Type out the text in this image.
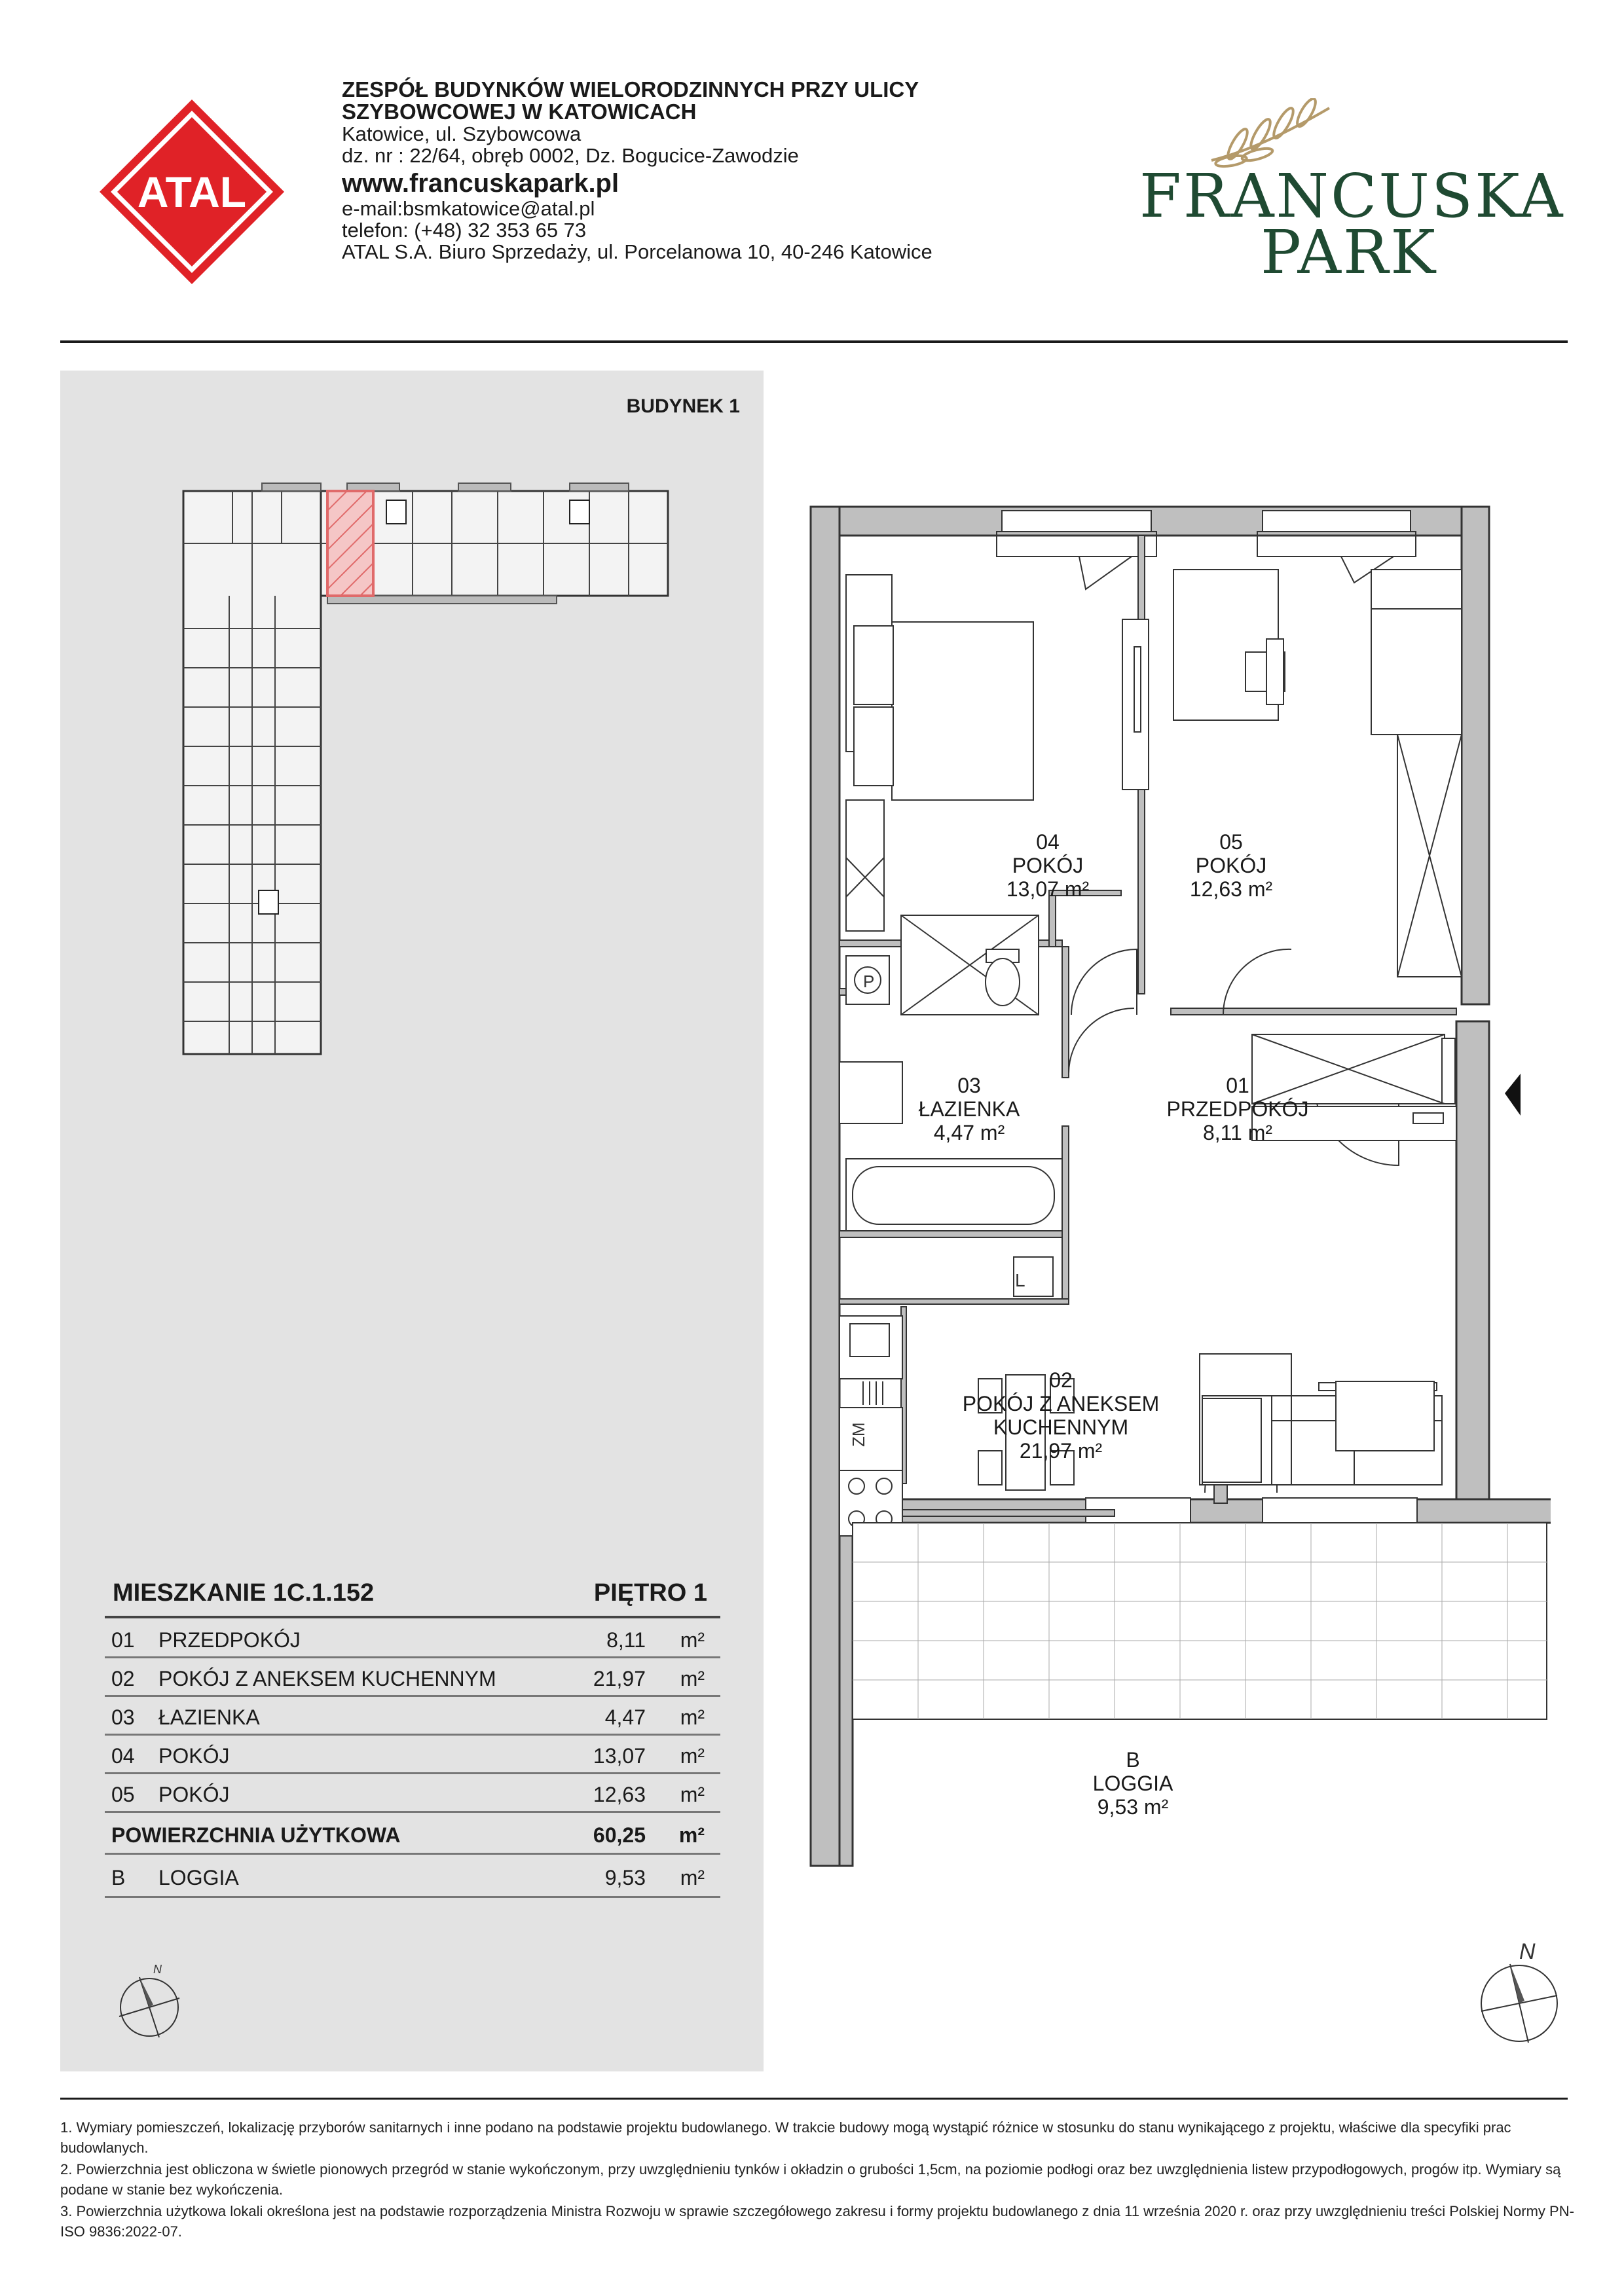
ATAL
ZESPÓŁ BUDYNKÓW WIELORODZINNYCH PRZY ULICY
SZYBOWCOWEJ W KATOWICACH
Katowice, ul. Szybowcowa
dz. nr : 22/64, obręb 0002, Dz. Bogucice-Zawodzie
www.francuskapark.pl
e-mail:bsmkatowice@atal.pl
telefon: (+48) 32 353 65 73
ATAL S.A. Biuro Sprzedaży, ul. Porcelanowa 10, 40-246 Katowice
FRANCUSKA
PARK
BUDYNEK 1
MIESZKANIE 1C.1.152	PIĘTRO 1
01 PRZEDPOKÓJ	8,11 m²
02 POKÓJ Z ANEKSEM KUCHENNYM	21,97 m²
03 ŁAZIENKA	4,47 m²
04 POKÓJ	13,07 m²
05 POKÓJ	12,63 m²
POWIERZCHNIA UŻYTKOWA	60,25 m²
B LOGGIA	9,53 m²
N
P
ZM
L
04
POKÓJ
13,07 m²
05
POKÓJ
12,63 m²
03
ŁAZIENKA
4,47 m²
01
PRZEDPOKÓJ
8,11 m²
02
POKÓJ Z ANEKSEM
KUCHENNYM
21,97 m²
B
LOGGIA
9,53 m²
N
1. Wymiary pomieszczeń, lokalizację przyborów sanitarnych i inne podano na podstawie projektu budowlanego. W trakcie budowy mogą wystąpić różnice w stosunku do stanu wynikającego z projektu, właściwe dla specyfiki prac budowlanych.
2. Powierzchnia jest obliczona w świetle pionowych przegród w stanie wykończonym, przy uwzględnieniu tynków i okładzin o grubości 1,5cm, na poziomie podłogi oraz bez uwzględnienia listew przypodłogowych, progów itp. Wymiary są podane w stanie bez wykończenia.
3. Powierzchnia użytkowa lokali określona jest na podstawie rozporządzenia Ministra Rozwoju w sprawie szczegółowego zakresu i formy projektu budowlanego z dnia 11 września 2020 r. oraz przy uwzględnieniu treści Polskiej Normy PN-ISO 9836:2022-07.
